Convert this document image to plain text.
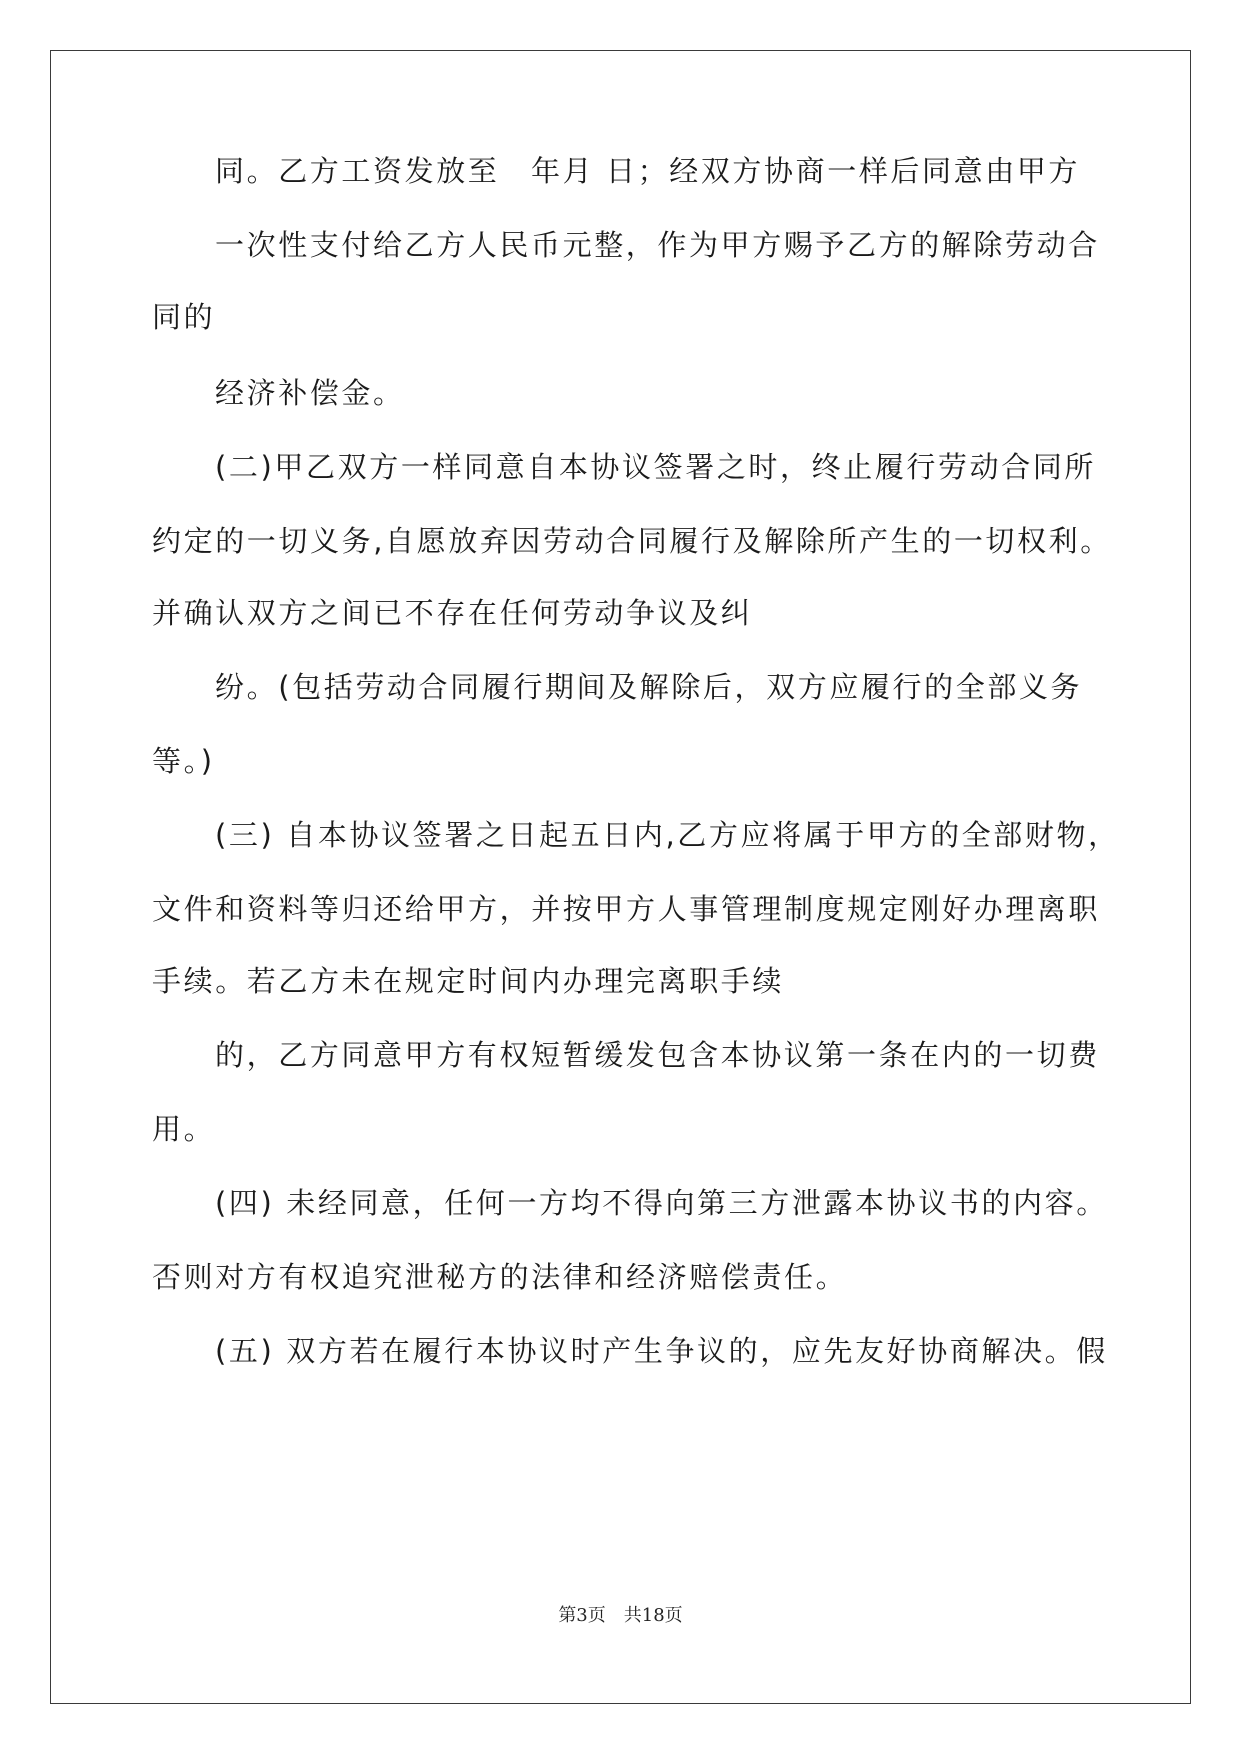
同。乙方工资发放至　年月 日；经双方协商一样后同意由甲方
一次性支付给乙方人民币元整，作为甲方赐予乙方的解除劳动合
同的
经济补偿金。
(二)甲乙双方一样同意自本协议签署之时，终止履行劳动合同所
约定的一切义务,自愿放弃因劳动合同履行及解除所产生的一切权利。
并确认双方之间已不存在任何劳动争议及纠
纷。(包括劳动合同履行期间及解除后，双方应履行的全部义务
等。)
(三) 自本协议签署之日起五日内,乙方应将属于甲方的全部财物，
文件和资料等归还给甲方，并按甲方人事管理制度规定刚好办理离职
手续。若乙方未在规定时间内办理完离职手续
的，乙方同意甲方有权短暂缓发包含本协议第一条在内的一切费
用。
(四) 未经同意，任何一方均不得向第三方泄露本协议书的内容。
否则对方有权追究泄秘方的法律和经济赔偿责任。
(五) 双方若在履行本协议时产生争议的，应先友好协商解决。假
第3页　共18页
